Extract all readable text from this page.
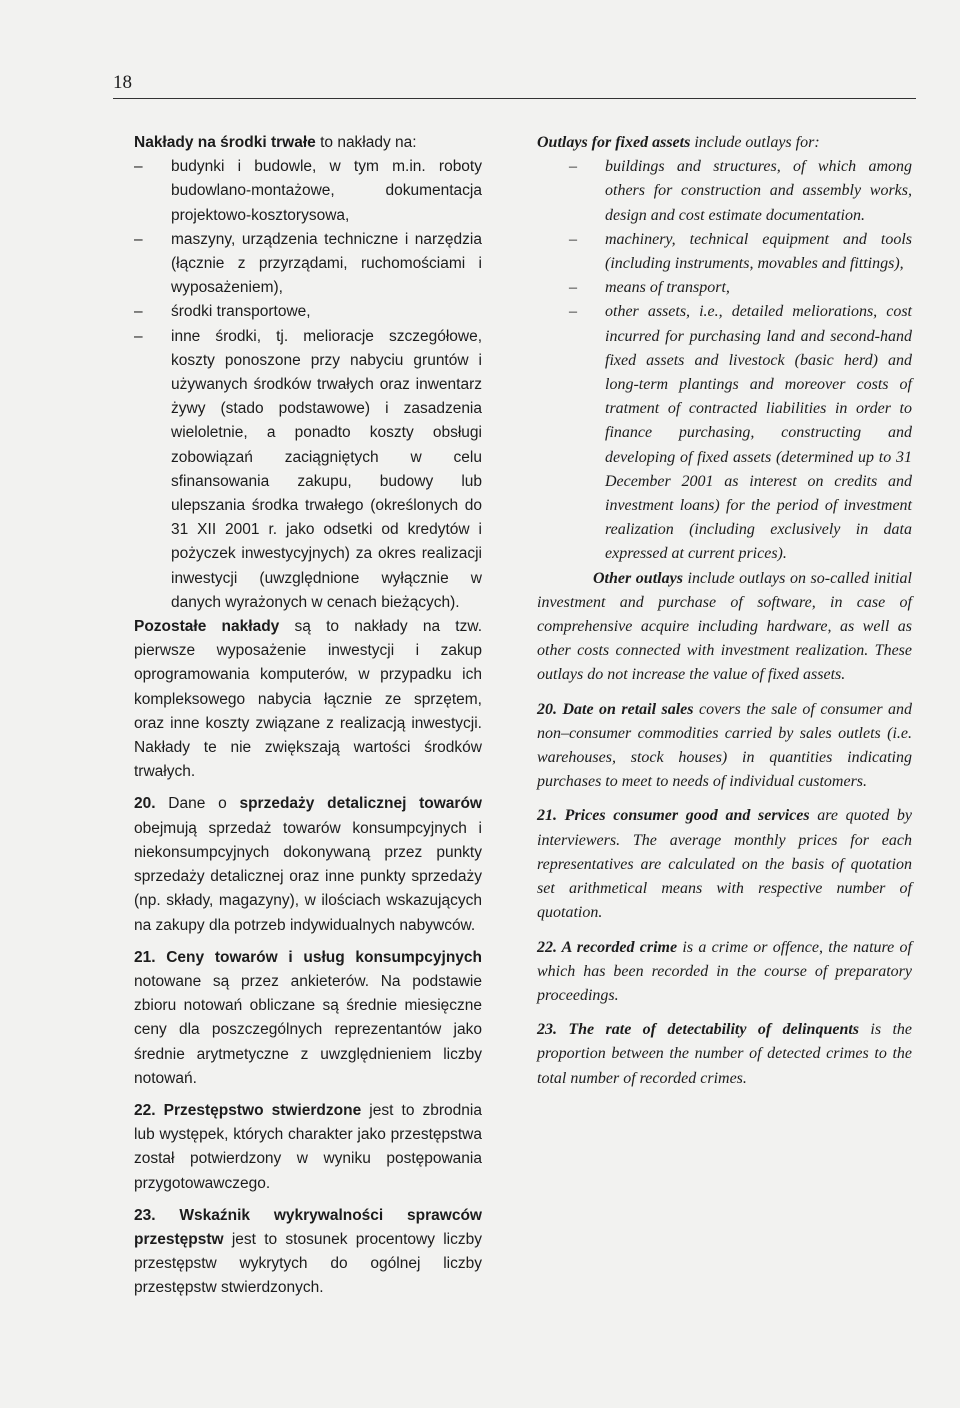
18

Nakłady na środki trwałe to nakłady na:

– budynki i budowle, w tym m.in. roboty budowlano-montażowe, dokumentacja projektowo-kosztorysowa,
– maszyny, urządzenia techniczne i narzędzia (łącznie z przyrządami, ruchomościami i wyposażeniem),
– środki transportowe,
– inne środki, tj. melioracje szczegółowe, koszty ponoszone przy nabyciu gruntów i używanych środków trwałych oraz inwentarz żywy (stado podstawowe) i zasadzenia wieloletnie, a ponadto koszty obsługi zobowiązań zaciągniętych w celu sfinansowania zakupu, budowy lub ulepszania środka trwałego (określonych do 31 XII 2001 r. jako odsetki od kredytów i pożyczek inwestycyjnych) za okres realizacji inwestycji (uwzględnione wyłącznie w danych wyrażonych w cenach bieżących).

Pozostałe nakłady są to nakłady na tzw. pierwsze wyposażenie inwestycji i zakup oprogramowania komputerów, w przypadku ich kompleksowego nabycia łącznie ze sprzętem, oraz inne koszty związane z realizacją inwestycji. Nakłady te nie zwiększają wartości środków trwałych.

20. Dane o sprzedaży detalicznej towarów obejmują sprzedaż towarów konsumpcyjnych i niekonsumpcyjnych dokonywaną przez punkty sprzedaży detalicznej oraz inne punkty sprzedaży (np. składy, magazyny), w ilościach wskazujących na zakupy dla potrzeb indywidualnych nabywców.

21. Ceny towarów i usług konsumpcyjnych notowane są przez ankieterów. Na podstawie zbioru notowań obliczane są średnie miesięczne ceny dla poszczególnych reprezentantów jako średnie arytmetyczne z uwzględnieniem liczby notowań.

22. Przestępstwo stwierdzone jest to zbrodnia lub występek, których charakter jako przestępstwa został potwierdzony w wyniku postępowania przygotowawczego.

23. Wskaźnik wykrywalności sprawców przestępstw jest to stosunek procentowy liczby przestępstw wykrytych do ogólnej liczby przestępstw stwierdzonych.

Outlays for fixed assets include outlays for:

– buildings and structures, of which among others for construction and assembly works, design and cost estimate documentation.
– machinery, technical equipment and tools (including instruments, movables and fittings),
– means of transport,
– other assets, i.e., detailed meliorations, cost incurred for purchasing land and second-hand fixed assets and livestock (basic herd) and long-term plantings and moreover costs of tratment of contracted liabilities in order to finance purchasing, constructing and developing of fixed assets (determined up to 31 December 2001 as interest on credits and investment loans) for the period of investment realization (including exclusively in data expressed at current prices).

Other outlays include outlays on so-called initial investment and purchase of software, in case of comprehensive acquire including hardware, as well as other costs connected with investment realization. These outlays do not increase the value of fixed assets.

20. Date on retail sales covers the sale of consumer and non–consumer commodities carried by sales outlets (i.e. warehouses, stock houses) in quantities indicating purchases to meet to needs of individual customers.

21. Prices consumer good and services are quoted by interviewers. The average monthly prices for each representatives are calculated on the basis of quotation set arithmetical means with respective number of quotation.

22. A recorded crime is a crime or offence, the nature of which has been recorded in the course of preparatory proceedings.

23. The rate of detectability of delinquents is the proportion between the number of detected crimes to the total number of recorded crimes.
